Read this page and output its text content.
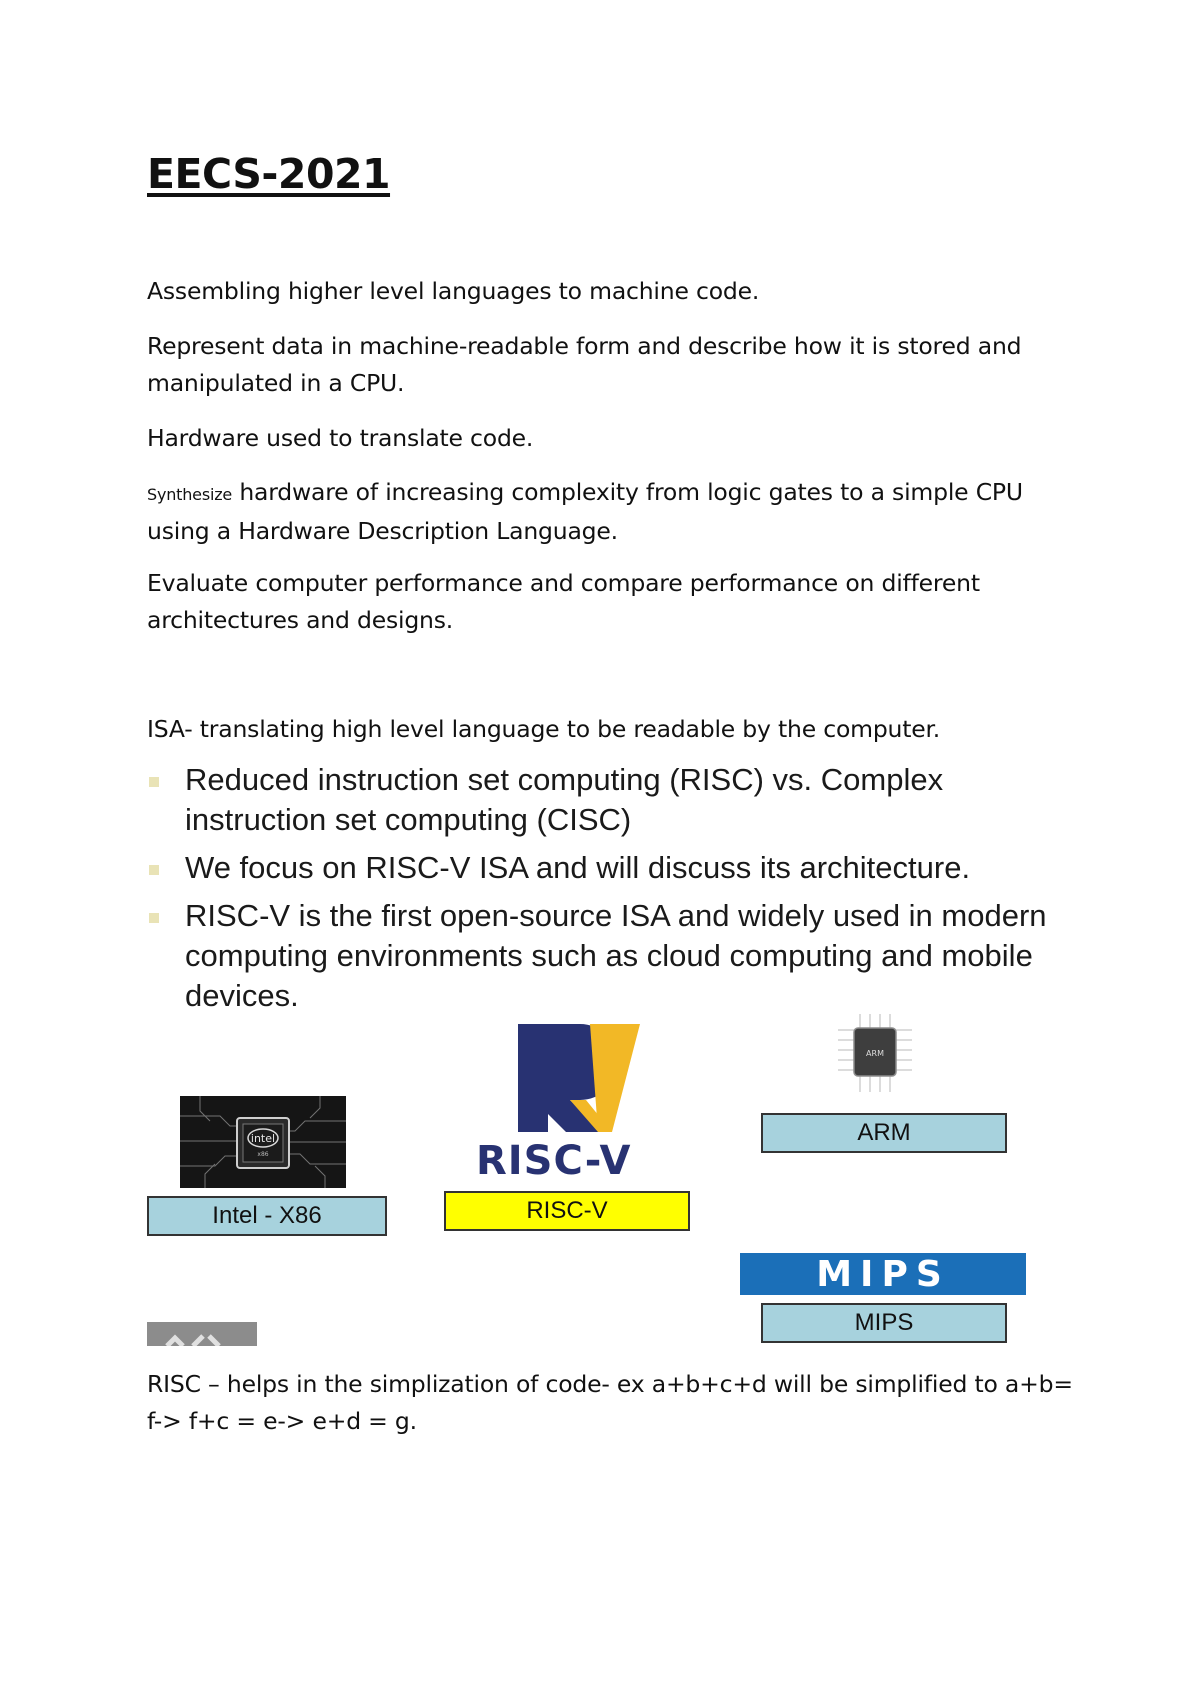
EECS-2021

Assembling higher level languages to machine code.

Represent data in machine-readable form and describe how it is stored and manipulated in a CPU.

Hardware used to translate code.

Synthesize hardware of increasing complexity from logic gates to a simple CPU using a Hardware Description Language.

Evaluate computer performance and compare performance on different architectures and designs.

ISA- translating high level language to be readable by the computer.

Reduced instruction set computing (RISC) vs. Complex instruction set computing (CISC)
We focus on RISC-V ISA and will discuss its architecture.
RISC-V is the first open-source ISA and widely used in modern computing environments such as cloud computing and mobile devices.
intel
x86
Intel - X86
RISC-V
RISC-V
ARM
ARM
MIPS
MIPS

RISC – helps in the simplization of code- ex a+b+c+d will be simplified to a+b= f-> f+c = e-> e+d = g.
